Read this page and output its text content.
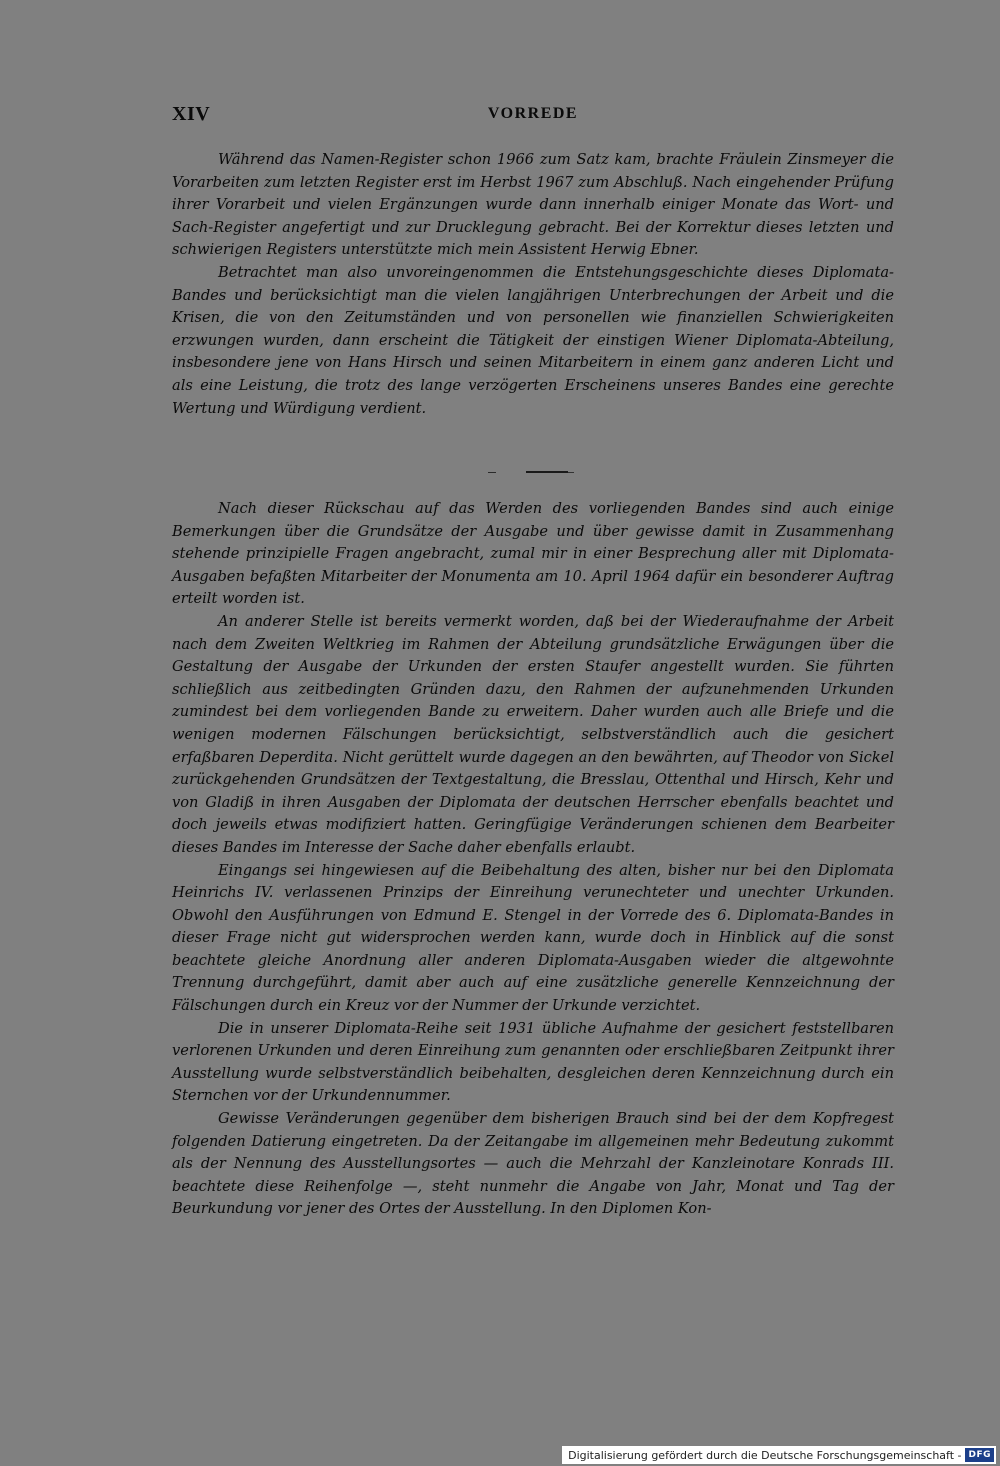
XIV	VORREDE

Während das Namen-Register schon 1966 zum Satz kam, brachte Fräulein Zinsmeyer die Vorarbeiten zum letzten Register erst im Herbst 1967 zum Abschluß. Nach eingehender Prüfung ihrer Vorarbeit und vielen Ergänzungen wurde dann innerhalb einiger Monate das Wort- und Sach-Register angefertigt und zur Drucklegung gebracht. Bei der Korrektur dieses letzten und schwierigen Registers unterstützte mich mein Assistent Herwig Ebner.

Betrachtet man also unvoreingenommen die Entstehungsgeschichte dieses Diplomata-Bandes und berücksichtigt man die vielen langjährigen Unterbrechungen der Arbeit und die Krisen, die von den Zeitumständen und von personellen wie finanziellen Schwierigkeiten erzwungen wurden, dann erscheint die Tätigkeit der einstigen Wiener Diplomata-Abteilung, insbesondere jene von Hans Hirsch und seinen Mitarbeitern in einem ganz anderen Licht und als eine Leistung, die trotz des lange verzögerten Erscheinens unseres Bandes eine gerechte Wertung und Würdigung verdient.

Nach dieser Rückschau auf das Werden des vorliegenden Bandes sind auch einige Bemerkungen über die Grundsätze der Ausgabe und über gewisse damit in Zusammenhang stehende prinzipielle Fragen angebracht, zumal mir in einer Besprechung aller mit Diplomata-Ausgaben befaßten Mitarbeiter der Monumenta am 10. April 1964 dafür ein besonderer Auftrag erteilt worden ist.

An anderer Stelle ist bereits vermerkt worden, daß bei der Wiederaufnahme der Arbeit nach dem Zweiten Weltkrieg im Rahmen der Abteilung grundsätzliche Erwägungen über die Gestaltung der Ausgabe der Urkunden der ersten Staufer angestellt wurden. Sie führten schließlich aus zeitbedingten Gründen dazu, den Rahmen der aufzunehmenden Urkunden zumindest bei dem vorliegenden Bande zu erweitern. Daher wurden auch alle Briefe und die wenigen modernen Fälschungen berücksichtigt, selbstverständlich auch die gesichert erfaßbaren Deperdita. Nicht gerüttelt wurde dagegen an den bewährten, auf Theodor von Sickel zurückgehenden Grundsätzen der Textgestaltung, die Bresslau, Ottenthal und Hirsch, Kehr und von Gladiß in ihren Ausgaben der Diplomata der deutschen Herrscher ebenfalls beachtet und doch jeweils etwas modifiziert hatten. Geringfügige Veränderungen schienen dem Bearbeiter dieses Bandes im Interesse der Sache daher ebenfalls erlaubt.

Eingangs sei hingewiesen auf die Beibehaltung des alten, bisher nur bei den Diplomata Heinrichs IV. verlassenen Prinzips der Einreihung verunechteter und unechter Urkunden. Obwohl den Ausführungen von Edmund E. Stengel in der Vorrede des 6. Diplomata-Bandes in dieser Frage nicht gut widersprochen werden kann, wurde doch in Hinblick auf die sonst beachtete gleiche Anordnung aller anderen Diplomata-Ausgaben wieder die altgewohnte Trennung durchgeführt, damit aber auch auf eine zusätzliche generelle Kennzeichnung der Fälschungen durch ein Kreuz vor der Nummer der Urkunde verzichtet.

Die in unserer Diplomata-Reihe seit 1931 übliche Aufnahme der gesichert feststellbaren verlorenen Urkunden und deren Einreihung zum genannten oder erschließbaren Zeitpunkt ihrer Ausstellung wurde selbstverständlich beibehalten, desgleichen deren Kennzeichnung durch ein Sternchen vor der Urkundennummer.

Gewisse Veränderungen gegenüber dem bisherigen Brauch sind bei der dem Kopfregest folgenden Datierung eingetreten. Da der Zeitangabe im allgemeinen mehr Bedeutung zukommt als der Nennung des Ausstellungsortes — auch die Mehrzahl der Kanzleinotare Konrads III. beachtete diese Reihenfolge —, steht nunmehr die Angabe von Jahr, Monat und Tag der Beurkundung vor jener des Ortes der Ausstellung. In den Diplomen Kon-

Digitalisierung gefördert durch die Deutsche Forschungsgemeinschaft - DFG
